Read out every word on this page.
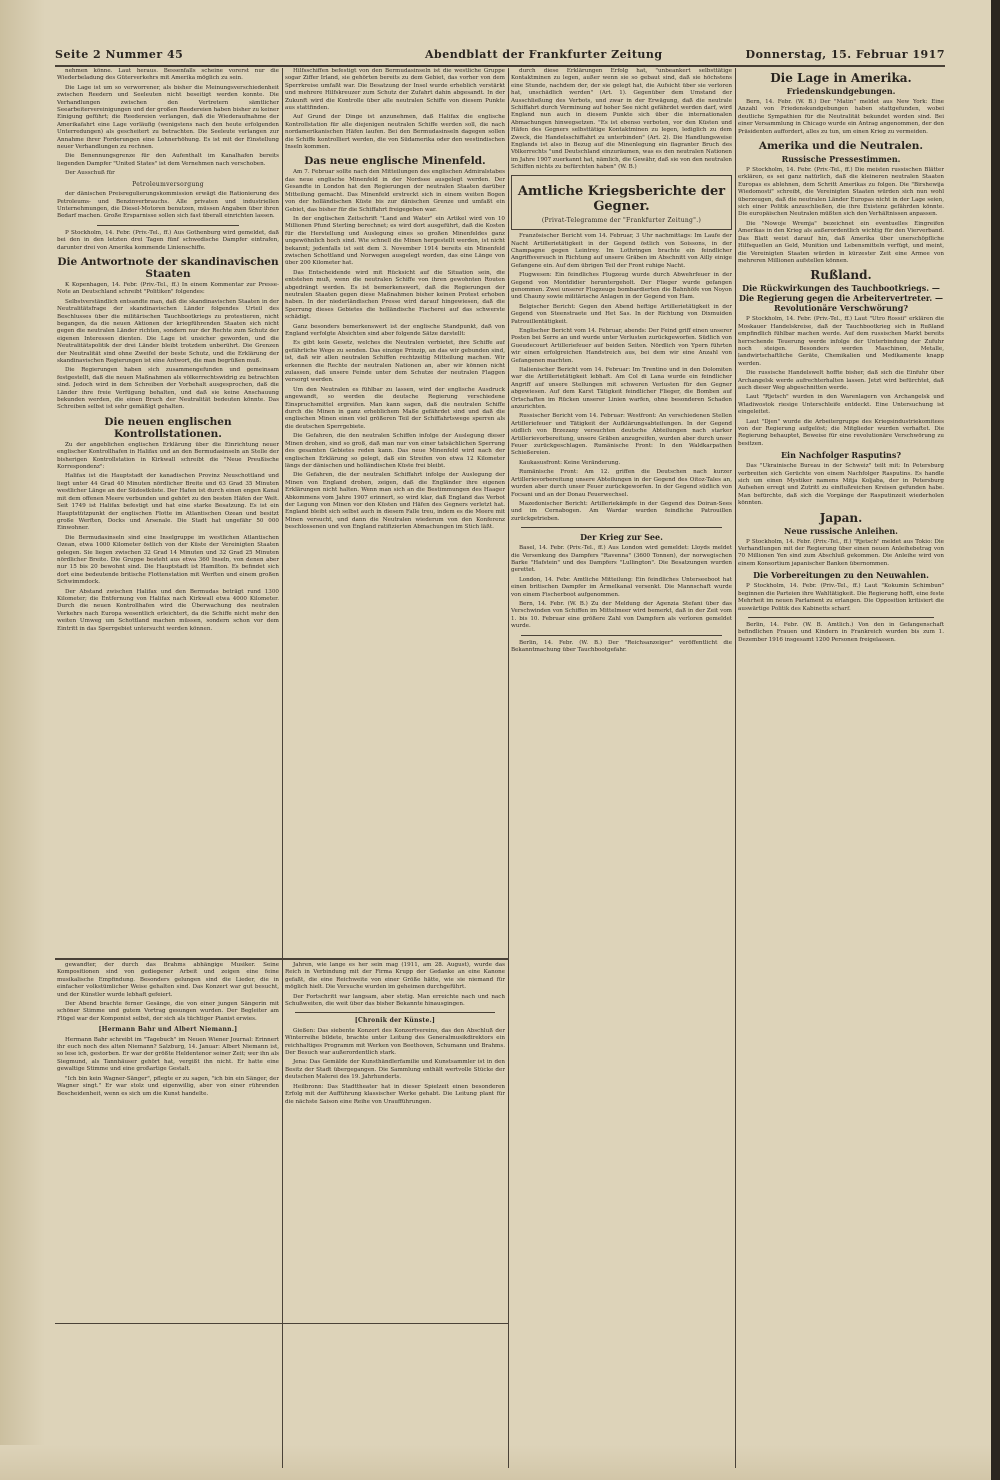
Seite 2 Nummer 45	Abendblatt der Frankfurter Zeitung	Donnerstag, 15. Februar 1917

nehmen könne. Laut heraus. Bessenfalls scheine vorerst nur die Wiederbeladung des Güterverkehrs mit Amerika möglich zu sein.

Die Lage ist um so verworrener, als bisher die Meinungsverschiedenheit zwischen Reedern und Seeleuten nicht beseitigt werden konnte. Die Verhandlungen zwischen den Vertretern sämtlicher Seearbeitervereinigungen und der großen Reedereien haben bisher zu keiner Einigung geführt; die Reedereien verlangen, daß die Wiederaufnahme der Amerikafahrt eine Lage vorläufig (wenigstens nach den heute erfolgenden Unterredungen) als gescheitert zu betrachten. Die Seeleute verlangen zur Annahme ihrer Forderungen eine Lohnerhöhung. Es ist mit der Einstellung neuer Verhandlungen zu rechnen.

Die Benennungsgrenze für den Aufenthalt im Kanalhafen bereits liegenden Dampfer "United States" ist dem Vernehmen nach verschoben.

Der Ausschuß für

Petroleumversorgung

der dänischen Preisregulierungskommission erwägt die Rationierung des Petroleums- und Benzinverbrauchs. Alle privaten und industriellen Unternehmungen, die Diesel-Motoren benutzen, müssen Angaben über ihren Bedarf machen. Große Ersparnisse sollen sich fast überall einrichten lassen.

P Stockholm, 14. Febr. (Priv.-Tel., ff.) Aus Gothenburg wird gemeldet, daß bei den in den letzten drei Tagen fünf schwedische Dampfer eintrafen, darunter drei von Amerika kommende Linienschiffe.

Die Antwortnote der skandinavischen Staaten

K Kopenhagen, 14. Febr. (Priv.-Tel., ff.) In einem Kommentar zur Presse-Note an Deutschland schreibt "Politiken" folgendes:

Selbstverständlich entsandte man, daß die skandinavischen Staaten in der Neutralitätsfrage der skandinavischen Länder folgendes Urteil des Beschlusses über die militärischen Tauchbootkriegs zu protestieren, nicht begangen, da die neuen Aktionen der kriegführenden Staaten sich nicht gegen die neutralen Länder richten, sondern nur der Rechte zum Schutz der eigenen Interessen dienten. Die Lage ist unsicher geworden, und die Neutralitätspolitik der drei Länder bleibt trotzdem unberührt. Die Grenzen der Neutralität sind ohne Zweifel der beste Schutz, und die Erklärung der skandinavischen Regierungen ist eine Antwort, die man begrüßen muß.

Die Regierungen haben sich zusammengefunden und gemeinsam festgestellt, daß die neuen Maßnahmen als völkerrechtswidrig zu betrachten sind. Jedoch wird in dem Schreiben der Vorbehalt ausgesprochen, daß die Länder ihre freie Verfügung behalten, und daß sie keine Anschauung bekunden werden, die einen Bruch der Neutralität bedeuten könnte. Das Schreiben selbst ist sehr gemäßigt gehalten.

Die neuen englischen Kontrollstationen.

Zu der angeblichen englischen Erklärung über die Einrichtung neuer englischer Kontrollhafen in Halifax und an den Bermudasinseln an Stelle der bisherigen Kontrollstation in Kirkwall schreibt die "Neue Preußische Korrespondenz":

Halifax ist die Hauptstadt der kanadischen Provinz Neuschottland und liegt unter 44 Grad 40 Minuten nördlicher Breite und 63 Grad 35 Minuten westlicher Länge an der Südostküste. Der Hafen ist durch einen engen Kanal mit dem offenen Meere verbunden und gehört zu den besten Häfen der Welt. Seit 1749 ist Halifax befestigt und hat eine starke Besatzung. Es ist ein Hauptstützpunkt der englischen Flotte im Atlantischen Ozean und besitzt große Werften, Docks und Arsenale. Die Stadt hat ungefähr 50 000 Einwohner.

Die Bermudasinseln sind eine Inselgruppe im westlichen Atlantischen Ozean, etwa 1000 Kilometer östlich von der Küste der Vereinigten Staaten gelegen. Sie liegen zwischen 32 Grad 14 Minuten und 32 Grad 25 Minuten nördlicher Breite. Die Gruppe besteht aus etwa 360 Inseln, von denen aber nur 15 bis 20 bewohnt sind. Die Hauptstadt ist Hamilton. Es befindet sich dort eine bedeutende britische Flottenstation mit Werften und einem großen Schwimmdock.

Der Abstand zwischen Halifax und den Bermudas beträgt rund 1300 Kilometer; die Entfernung von Halifax nach Kirkwall etwa 4000 Kilometer. Durch die neuen Kontrollhafen wird die Überwachung des neutralen Verkehrs nach Europa wesentlich erleichtert, da die Schiffe nicht mehr den weiten Umweg um Schottland machen müssen, sondern schon vor dem Eintritt in das Sperrgebiet untersucht werden können.

Hilfsschiffen befestigt von den Bermudasinseln ist die westliche Gruppe sogar Ziffer Irland, sie gehörten bereits zu dem Gebiet, das vorher von dem Sperrkreise umfaßt war. Die Besatzung der Insel wurde erheblich verstärkt und mehrere Hilfskreuzer zum Schutz der Zufahrt dahin abgesandt. In der Zukunft wird die Kontrolle über alle neutralen Schiffe von diesem Punkte aus stattfinden.

Auf Grund der Dinge ist anzunehmen, daß Halifax die englische Kontrollstation für alle diejenigen neutralen Schiffe werden soll, die nach nordamerikanischen Häfen laufen. Bei den Bermudasinseln dagegen sollen die Schiffe kontrolliert werden, die von Südamerika oder den westindischen Inseln kommen.

Das neue englische Minenfeld.

Am 7. Februar sollte nach den Mitteilungen des englischen Admiralstabes das neue englische Minenfeld in der Nordsee ausgelegt werden. Der Gesandte in London hat den Regierungen der neutralen Staaten darüber Mitteilung gemacht. Das Minenfeld erstreckt sich in einem weiten Bogen von der holländischen Küste bis zur dänischen Grenze und umfaßt ein Gebiet, das bisher für die Schiffahrt freigegeben war.

In der englischen Zeitschrift "Land and Water" ein Artikel wird von 10 Millionen Pfund Sterling berechnet; es wird dort ausgeführt, daß die Kosten für die Herstellung und Auslegung eines so großen Minenfeldes ganz ungewöhnlich hoch sind. Wie schnell die Minen hergestellt werden, ist nicht bekannt; jedenfalls ist seit dem 3. November 1914 bereits ein Minenfeld zwischen Schottland und Norwegen ausgelegt worden, das eine Länge von über 200 Kilometer hat.

Das Entscheidende wird mit Rücksicht auf die Situation sein, die entstehen muß, wenn die neutralen Schiffe von ihren gewohnten Routen abgedrängt werden. Es ist bemerkenswert, daß die Regierungen der neutralen Staaten gegen diese Maßnahmen bisher keinen Protest erhoben haben. In der niederländischen Presse wird darauf hingewiesen, daß die Sperrung dieses Gebietes die holländische Fischerei auf das schwerste schädigt.

Ganz besonders bemerkenswert ist der englische Standpunkt, daß von England verfolgte Absichten sind aber folgende Sätze darstellt:

Es gibt kein Gesetz, welches die Neutralen verbietet, ihre Schiffe auf gefährliche Wege zu senden. Das einzige Prinzip, an das wir gebunden sind, ist, daß wir allen neutralen Schiffen rechtzeitig Mitteilung machen. Wir erkennen die Rechte der neutralen Nationen an, aber wir können nicht zulassen, daß unsere Feinde unter dem Schutze der neutralen Flaggen versorgt werden.

Um den Neutralen es fühlbar zu lassen, wird der englische Ausdruck angewandt, so werden die deutsche Regierung verschiedene Einspruchsmittel ergreifen. Man kann sagen, daß die neutralen Schiffe durch die Minen in ganz erheblichem Maße gefährdet sind und daß die englischen Minen einen viel größeren Teil der Schiffahrtswege sperren als die deutschen Sperrgebiete.

Die Gefahren, die den neutralen Schiffen infolge der Auslegung dieser Minen drohen, sind so groß, daß man nur von einer tatsächlichen Sperrung des gesamten Gebietes reden kann. Das neue Minenfeld wird nach der englischen Erklärung so gelegt, daß ein Streifen von etwa 12 Kilometer längs der dänischen und holländischen Küste frei bleibt.

Die Gefahren, die der neutralen Schiffahrt infolge der Auslegung der Minen von England drohen, zeigen, daß die Engländer ihre eigenen Erklärungen nicht halten. Wenn man sich an die Bestimmungen des Haager Abkommens vom Jahre 1907 erinnert, so wird klar, daß England das Verbot der Legung von Minen vor den Küsten und Häfen des Gegners verletzt hat. England bleibt sich selbst auch in diesem Falle treu, indem es die Meere mit Minen versucht, und dann die Neutralen wiederum von den Konferenz beschlossenen und von England ratifizierten Abmachungen im Stich läßt.

durch diese Erklärungen Erfolg hat, "unbeankert selbsttätige Kontaktminen zu legen, außer wenn sie so gebaut sind, daß sie höchstens eine Stunde, nachdem der, der sie gelegt hat, die Aufsicht über sie verloren hat, unschädlich werden" (Art. 1). Gegenüber dem Umstand der Ausschließung des Verbots, und zwar in der Erwägung, daß die neutrale Schiffahrt durch Verminung auf hoher See nicht gefährdet werden darf, wird England nun auch in diesem Punkte sich über die internationalen Abmachungen hinwegsetzen. "Es ist ebenso verboten, vor den Küsten und Häfen des Gegners selbsttätige Kontaktminen zu legen, lediglich zu dem Zweck, die Handelsschiffahrt zu unterbinden" (Art. 2). Die Handlungsweise Englands ist also in Bezug auf die Minenlegung ein flagranter Bruch des Völkerrechts "und Deutschland einzuräumen, was es den neutralen Nationen im Jahre 1907 zuerkannt hat, nämlich, die Gewähr, daß sie von den neutralen Schiffen nichts zu befürchten haben" (W. B.)

Amtliche Kriegsberichte der Gegner.
(Privat-Telegramme der "Frankfurter Zeitung".)

Französischer Bericht vom 14. Februar, 3 Uhr nachmittags: Im Laufe der Nacht Artillerietätigkeit in der Gegend östlich von Soissons, in der Champagne gegen Leintrey. Im Lothringen brachte ein feindlicher Angriffsversuch in Richtung auf unsere Gräben im Abschnitt von Ailly einige Gefangene ein. Auf dem übrigen Teil der Front ruhige Nacht.

Flugwesen: Ein feindliches Flugzeug wurde durch Abwehrfeuer in der Gegend von Montdidier heruntergeholt. Der Flieger wurde gefangen genommen. Zwei unserer Flugzeuge bombardierten die Bahnhöfe von Noyon und Chauny sowie militärische Anlagen in der Gegend von Ham.

Belgischer Bericht: Gegen den Abend heftige Artillerietätigkeit in der Gegend von Steenstraete und Het Sas. In der Richtung von Dixmuiden Patrouillentätigkeit.

Englischer Bericht vom 14. Februar, abends: Der Feind griff einen unserer Posten bei Serre an und wurde unter Verlusten zurückgeworfen. Südlich von Gueudecourt Artilleriefeuer auf beiden Seiten. Nördlich von Ypern führten wir einen erfolgreichen Handstreich aus, bei dem wir eine Anzahl von Gefangenen machten.

Italienischer Bericht vom 14. Februar: Im Trentino und in den Dolomiten war die Artillerietätigkeit lebhaft. Am Col di Lana wurde ein feindlicher Angriff auf unsere Stellungen mit schweren Verlusten für den Gegner abgewiesen. Auf dem Karst Tätigkeit feindlicher Flieger, die Bomben auf Ortschaften im Rücken unserer Linien warfen, ohne besonderen Schaden anzurichten.

Russischer Bericht vom 14. Februar: Westfront: An verschiedenen Stellen Artilleriefeuer und Tätigkeit der Aufklärungsabteilungen. In der Gegend südlich von Brzezany versuchten deutsche Abteilungen nach starker Artillerievorbereitung, unsere Gräben anzugreifen, wurden aber durch unser Feuer zurückgeschlagen. Rumänische Front: In den Waldkarpathen Schießereien.

Kaukasusfront: Keine Veränderung.

Rumänische Front: Am 12. griffen die Deutschen nach kurzer Artillerievorbereitung unsere Abteilungen in der Gegend des Oitoz-Tales an, wurden aber durch unser Feuer zurückgeworfen. In der Gegend südlich von Focsani und an der Donau Feuerwechsel.

Mazedonischer Bericht: Artilleriekämpfe in der Gegend des Doiran-Sees und im Cernabogen. Am Wardar wurden feindliche Patrouillen zurückgetrieben.

Der Krieg zur See.

Basel, 14. Febr. (Priv.-Tel., ff.) Aus London wird gemeldet: Lloyds meldet die Versenkung des Dampfers "Ravenna" (3600 Tonnen), der norwegischen Barke "Hafstein" und des Dampfers "Lullington". Die Besatzungen wurden gerettet.

London, 14. Febr. Amtliche Mitteilung: Ein feindliches Unterseeboot hat einen britischen Dampfer im Ärmelkanal versenkt. Die Mannschaft wurde von einem Fischerboot aufgenommen.

Bern, 14. Febr. (W. B.) Zu der Meldung der Agenzia Stefani über das Verschwinden von Schiffen im Mittelmeer wird bemerkt, daß in der Zeit vom 1. bis 10. Februar eine größere Zahl von Dampfern als verloren gemeldet wurde.

Berlin, 14. Febr. (W. B.) Der "Reichsanzeiger" veröffentlicht die Bekanntmachung über Tauchbootgefahr.

Die Lage in Amerika.
Friedenskundgebungen.

Bern, 14. Febr. (W. B.) Der "Matin" meldet aus New York: Eine Anzahl von Friedenskundgebungen haben stattgefunden, wobei deutliche Sympathien für die Neutralität bekundet worden sind. Bei einer Versammlung in Chicago wurde ein Antrag angenommen, der den Präsidenten auffordert, alles zu tun, um einen Krieg zu vermeiden.

Amerika und die Neutralen.
Russische Pressestimmen.

P Stockholm, 14. Febr. (Priv.-Tel., ff.) Die meisten russischen Blätter erklären, es sei ganz natürlich, daß die kleineren neutralen Staaten Europas es ablehnen, dem Schritt Amerikas zu folgen. Die "Birshewija Wiedomosti" schreibt, die Vereinigten Staaten würden sich nun wohl überzeugen, daß die neutralen Länder Europas nicht in der Lage seien, sich einer Politik anzuschließen, die ihre Existenz gefährden könnte. Die europäischen Neutralen müßten sich den Verhältnissen anpassen.

Die "Nowoje Wremja" bezeichnet ein eventuelles Eingreifen Amerikas in den Krieg als außerordentlich wichtig für den Vierverband. Das Blatt weist darauf hin, daß Amerika über unerschöpfliche Hilfsquellen an Geld, Munition und Lebensmitteln verfügt, und meint, die Vereinigten Staaten würden in kürzester Zeit eine Armee von mehreren Millionen aufstellen können.

Rußland.
Die Rückwirkungen des Tauchbootkriegs. — Die Regierung gegen die Arbeitervertreter. — Revolutionäre Verschwörung?

P Stockholm, 14. Febr. (Priv.-Tel., ff.) Laut "Utro Rossii" erklären die Moskauer Handelskreise, daß der Tauchbootkrieg sich in Rußland empfindlich fühlbar machen werde. Auf dem russischen Markt bereits herrschende Teuerung werde infolge der Unterbindung der Zufuhr noch steigen. Besonders werden Maschinen, Metalle, landwirtschaftliche Geräte, Chemikalien und Medikamente knapp werden.

Die russische Handelswelt hoffte bisher, daß sich die Einfuhr über Archangelsk werde aufrechterhalten lassen. Jetzt wird befürchtet, daß auch dieser Weg abgeschnitten werde.

Laut "Rjetsch" wurden in den Warenlagern von Archangelsk und Wladiwostok riesige Unterschleife entdeckt. Eine Untersuchung ist eingeleitet.

Laut "Djen" wurde die Arbeitergruppe des Kriegsindustriekomitees von der Regierung aufgelöst; die Mitglieder wurden verhaftet. Die Regierung behauptet, Beweise für eine revolutionäre Verschwörung zu besitzen.

Ein Nachfolger Rasputins?

Das "Ukrainische Bureau in der Schweiz" teilt mit: In Petersburg verbreiten sich Gerüchte von einem Nachfolger Rasputins. Es handle sich um einen Mystiker namens Mitja Koljaba, der in Petersburg Aufsehen erregt und Zutritt zu einflußreichen Kreisen gefunden habe. Man befürchte, daß sich die Vorgänge der Rasputinzeit wiederholen könnten.

Japan.
Neue russische Anleihen.

P Stockholm, 14. Febr. (Priv.-Tel., ff.) "Rjetsch" meldet aus Tokio: Die Verhandlungen mit der Regierung über einen neuen Anleihebetrag von 70 Millionen Yen sind zum Abschluß gekommen. Die Anleihe wird von einem Konsortium japanischer Banken übernommen.

Die Vorbereitungen zu den Neuwahlen.

P Stockholm, 14. Febr. (Priv.-Tel., ff.) Laut "Kokumin Schimbun" beginnen die Parteien ihre Wahltätigkeit. Die Regierung hofft, eine feste Mehrheit im neuen Parlament zu erlangen. Die Opposition kritisiert die auswärtige Politik des Kabinetts scharf.

Berlin, 14. Febr. (W. B. Amtlich.) Von den in Gefangenschaft befindlichen Frauen und Kindern in Frankreich wurden bis zum 1. Dezember 1916 insgesamt 1200 Personen freigelassen.

gewandter, der durch das Brahms abhängige Musiker. Seine Kompositionen sind von gediegener Arbeit und zeigen eine feine musikalische Empfindung. Besonders gelungen sind die Lieder, die in einfacher volkstümlicher Weise gehalten sind. Das Konzert war gut besucht, und der Künstler wurde lebhaft gefeiert.

Der Abend brachte ferner Gesänge, die von einer jungen Sängerin mit schöner Stimme und gutem Vortrag gesungen wurden. Der Begleiter am Flügel war der Komponist selbst, der sich als tüchtiger Pianist erwies.

[Hermann Bahr und Albert Niemann.]

Hermann Bahr schreibt im "Tagebuch" im Neuen Wiener Journal: Erinnert ihr euch noch des alten Niemann? Salzburg, 14. Januar: Albert Niemann ist, so lese ich, gestorben. Er war der größte Heldentenor seiner Zeit; wer ihn als Siegmund, als Tannhäuser gehört hat, vergißt ihn nicht. Er hatte eine gewaltige Stimme und eine großartige Gestalt.

"Ich bin kein Wagner-Sänger", pflegte er zu sagen, "ich bin ein Sänger, der Wagner singt." Er war stolz und eigenwillig, aber von einer rührenden Bescheidenheit, wenn es sich um die Kunst handelte.

Jahren, wie lange es her sein mag (1911, am 28. August), wurde das Reich in Verbindung mit der Firma Krupp der Gedanke an eine Kanone gefaßt, die eine Reichweite von einer Größe hätte, wie sie niemand für möglich hielt. Die Versuche wurden im geheimen durchgeführt.

Der Fortschritt war langsam, aber stetig. Man erreichte nach und nach Schußweiten, die weit über das bisher Bekannte hinausgingen.

[Chronik der Künste.]

Gießen: Das siebente Konzert des Konzertvereins, das den Abschluß der Winterreihe bildete, brachte unter Leitung des Generalmusikdirektors ein reichhaltiges Programm mit Werken von Beethoven, Schumann und Brahms. Der Besuch war außerordentlich stark.

Jena: Das Gemälde der Kunsthändlerfamilie und Kunstsammler ist in den Besitz der Stadt übergegangen. Die Sammlung enthält wertvolle Stücke der deutschen Malerei des 19. Jahrhunderts.

Heilbronn: Das Stadttheater hat in dieser Spielzeit einen besonderen Erfolg mit der Aufführung klassischer Werke gehabt. Die Leitung plant für die nächste Saison eine Reihe von Uraufführungen.
